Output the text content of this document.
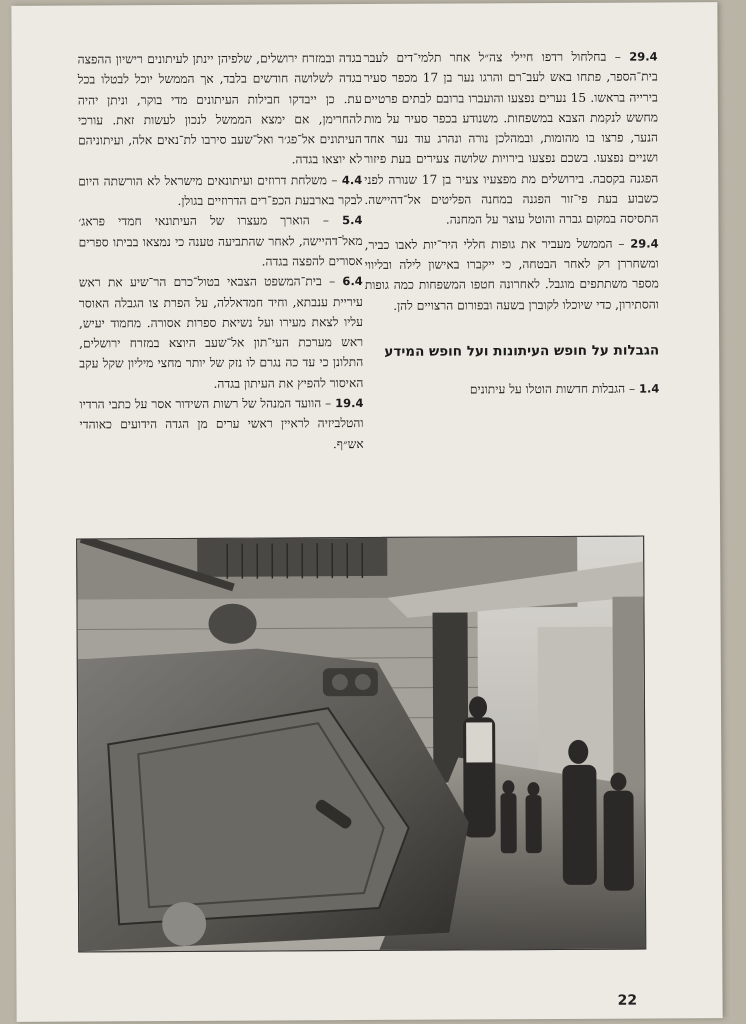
29.4 – בחלחול רדפו חיילי צה״ל אחר תלמי־דים לעבר בית־הספר, פתחו באש לעב־רם והרגו נער בן 17 מכפר סעיר בירייה בראשו. 15 נערים נפצעו והועברו ברובם לבתים פרטיים מחשש לנקמת הצבא במשפחות. משנודע בכפר סעיר על מות הנער, פרצו בו מהומות, ובמהלכן נורה ונהרג עוד נער אחד ושניים נפצעו. בשכם נפצעו בירויות שלושה צעירים בעת פיזור הפגנה בקסבה. בירושלים מת מפצעיו צעיר בן 17 שנורה לפני כשבוע בעת פי־זור הפגנה במחנה הפליטים אל־דהיישה. התסיסה במקום גברה והוטל עוצר על המחנה.

29.4 – הממשל מעביר את גופות חללי היר־יות לאבו כביר, ומשחררן רק לאחר הבטחה, כי ייקברו באישון לילה ובליווי מספר משתתפים מוגבל. לאחרונה חטפו המשפחות כמה גופות והסתירון, כדי שיוכלו לקוברן בשעה ובפורום הרצויים להן.

הגבלות על חופש העיתונות ועל חופש המידע

1.4 – הגבלות חדשות הוטלו על עיתונים

בגדה ובמזרח ירושלים, שלפיהן יינתן לעיתונים רישיון ההפצה בגדה לשלושה חודשים בלבד, אך הממשל יוכל לבטלו בכל עת. כן ייבדקו חבילות העיתונים מדי בוקר, וניתן יהיה להחרימן, אם ימצא הממשל לנכון לעשות זאת. עורכי העיתונים אל־פג׳ר ואל־שעב סירבו לת־נאים אלה, ועיתוניהם לא יוצאו בגדה.

4.4 – משלחת דרוזים ועיתונאים מישראל לא הורשתה היום לבקר בארבעת הכפ־רים הדרוזיים בגולן.

5.4 – הוארך מעצרו של העיתונאי חמדי פראג׳ מאל־דהיישה, לאחר שהתביעה טענה כי נמצאו בביתו ספרים אסורים להפצה בגדה.

6.4 – בית־המשפט הצבאי בטול־כרם הר־שיע את ראש עיריית ענבתא, וחיד חמדאללה, על הפרת צו הגבלה האוסר עליו לצאת מעירו ועל נשיאת ספרות אסורה. מחמוד יעיש, ראש מערכת העי־תון אל־שעב היוצא במזרח ירושלים, התלונן כי עד כה נגרם לו נזק של יותר מחצי מיליון שקל עקב האיסור להפיץ את העיתון בגדה.

19.4 – הוועד המנהל של רשות השידור אסר על כתבי הרדיו והטלביזיה לראיין ראשי ערים מן הגדה הידועים כאוהדי אש״ף.

22
